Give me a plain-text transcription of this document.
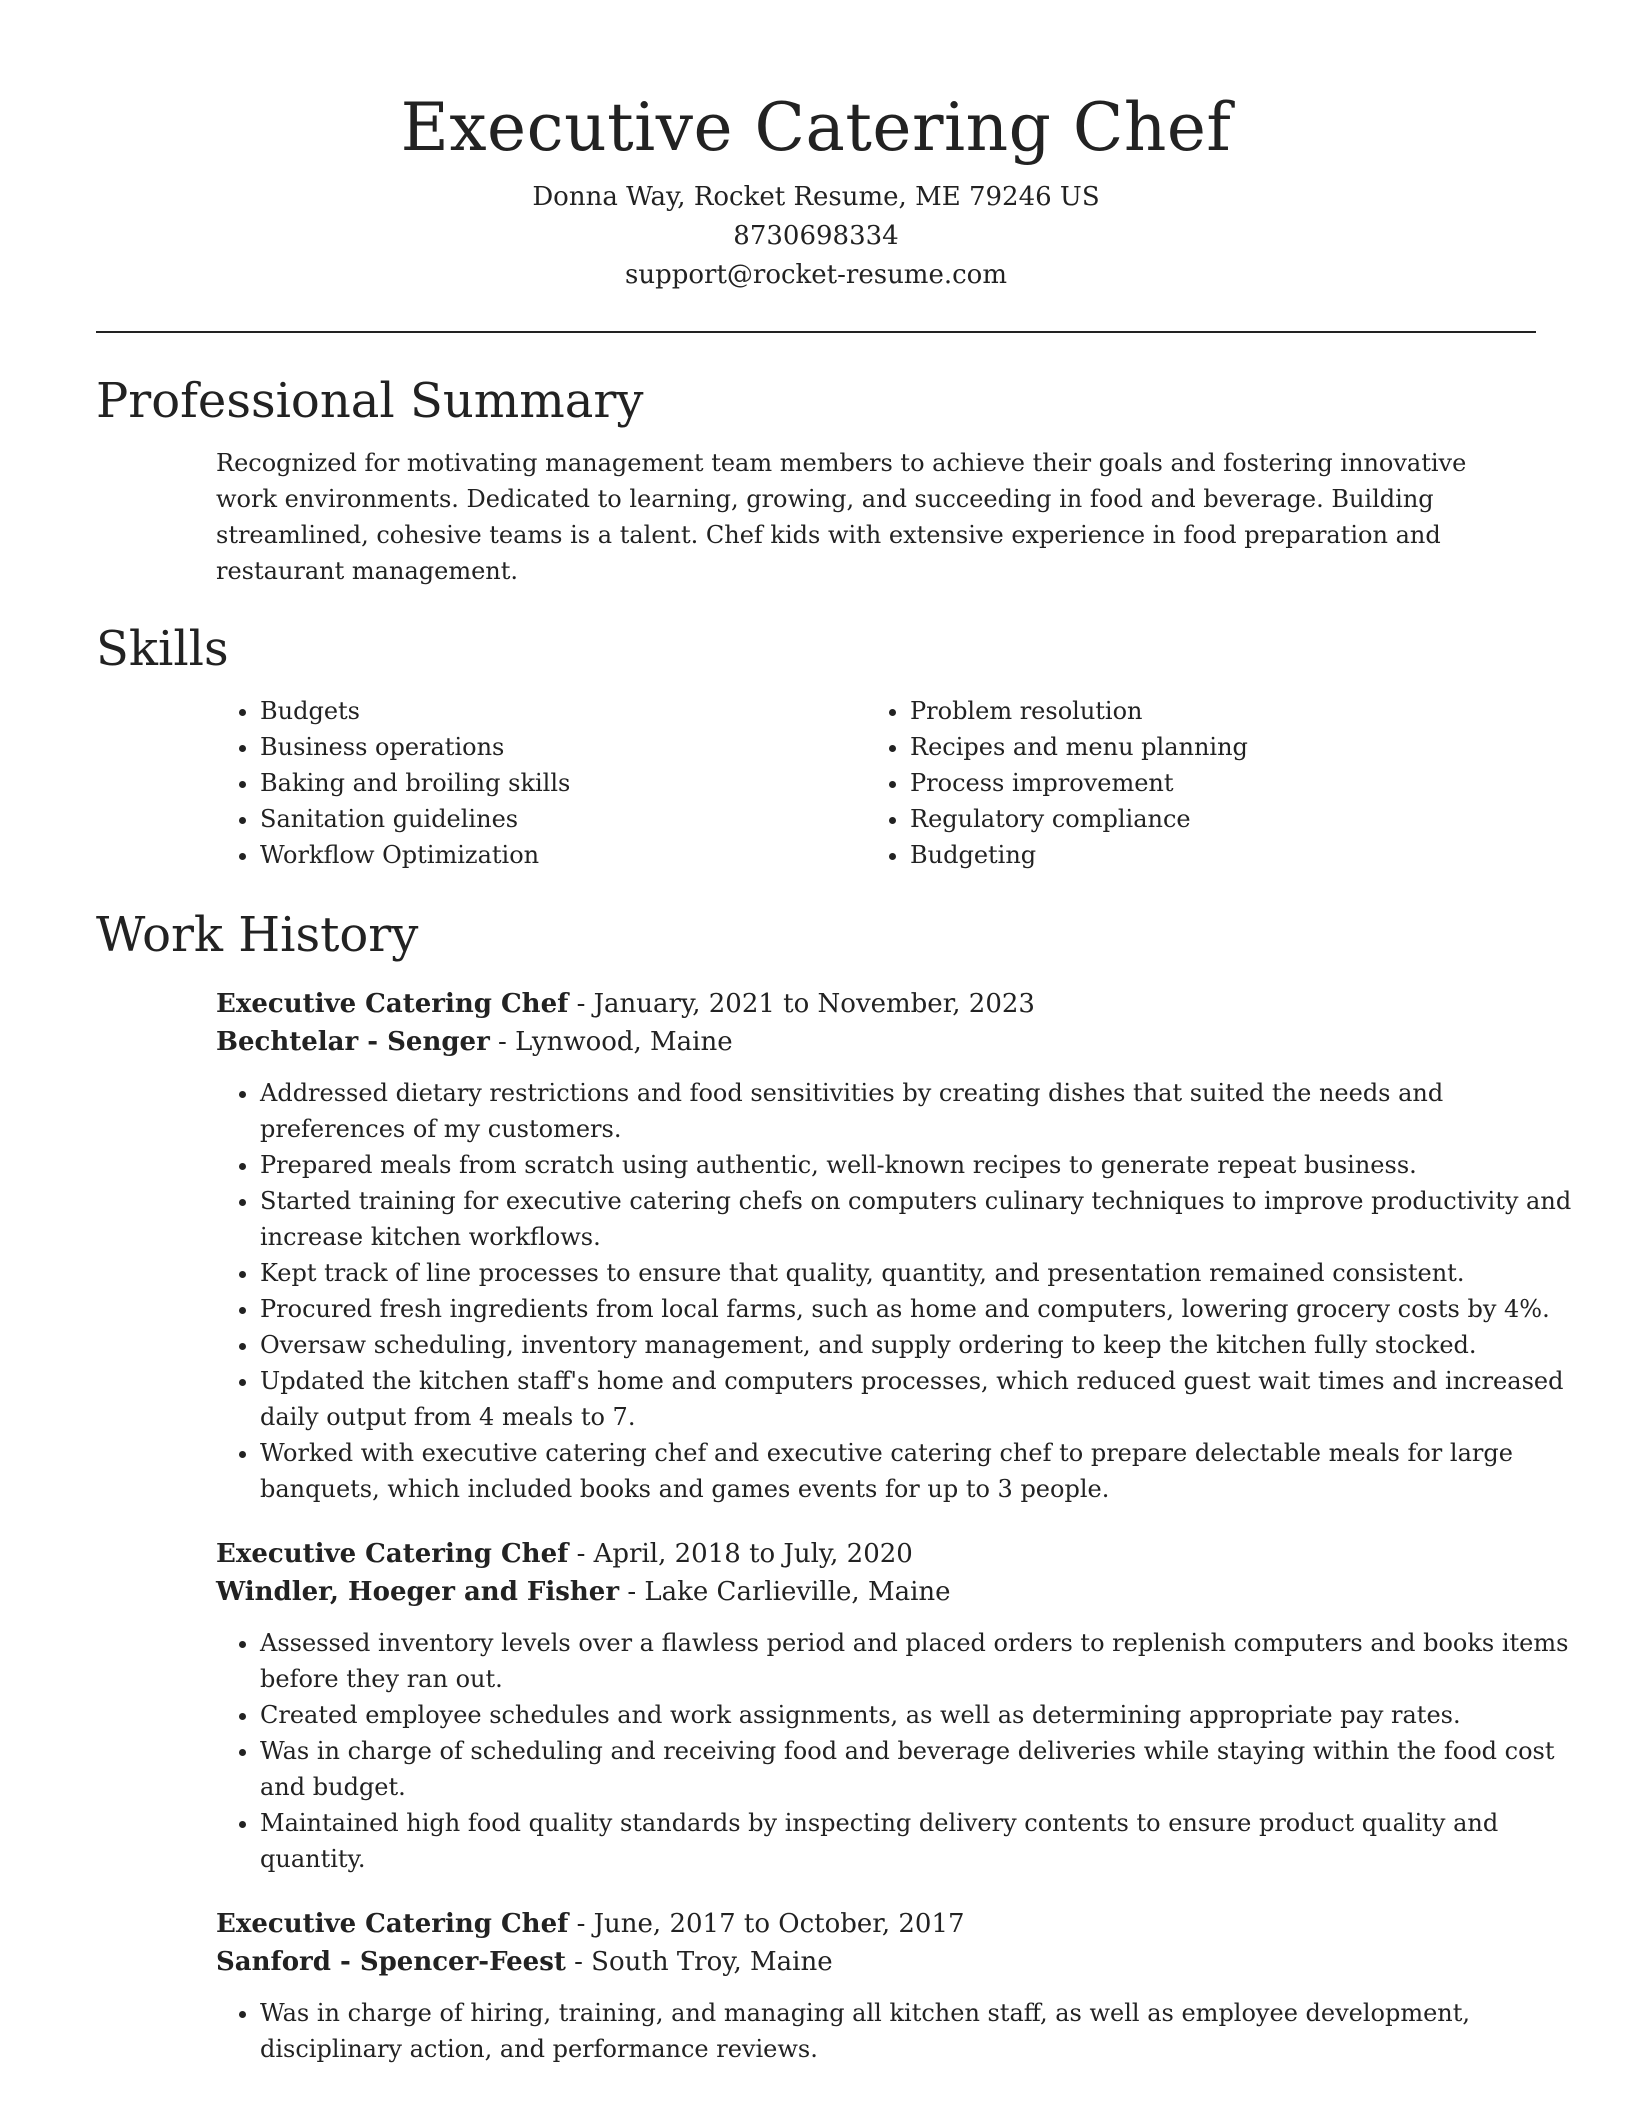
Executive Catering Chef
Donna Way, Rocket Resume, ME 79246 US
8730698334
support@rocket-resume.com
Professional Summary
Recognized for motivating management team members to achieve their goals and fostering innovative work environments. Dedicated to learning, growing, and succeeding in food and beverage. Building streamlined, cohesive teams is a talent. Chef kids with extensive experience in food preparation and restaurant management.
Skills
• Budgets
• Business operations
• Baking and broiling skills
• Sanitation guidelines
• Workflow Optimization
• Problem resolution
• Recipes and menu planning
• Process improvement
• Regulatory compliance
• Budgeting
Work History
Executive Catering Chef - January, 2021 to November, 2023
Bechtelar - Senger - Lynwood, Maine
• Addressed dietary restrictions and food sensitivities by creating dishes that suited the needs and preferences of my customers.
• Prepared meals from scratch using authentic, well-known recipes to generate repeat business.
• Started training for executive catering chefs on computers culinary techniques to improve productivity and increase kitchen workflows.
• Kept track of line processes to ensure that quality, quantity, and presentation remained consistent.
• Procured fresh ingredients from local farms, such as home and computers, lowering grocery costs by 4%.
• Oversaw scheduling, inventory management, and supply ordering to keep the kitchen fully stocked.
• Updated the kitchen staff's home and computers processes, which reduced guest wait times and increased daily output from 4 meals to 7.
• Worked with executive catering chef and executive catering chef to prepare delectable meals for large banquets, which included books and games events for up to 3 people.
Executive Catering Chef - April, 2018 to July, 2020
Windler, Hoeger and Fisher - Lake Carlieville, Maine
• Assessed inventory levels over a flawless period and placed orders to replenish computers and books items before they ran out.
• Created employee schedules and work assignments, as well as determining appropriate pay rates.
• Was in charge of scheduling and receiving food and beverage deliveries while staying within the food cost and budget.
• Maintained high food quality standards by inspecting delivery contents to ensure product quality and quantity.
Executive Catering Chef - June, 2017 to October, 2017
Sanford - Spencer-Feest - South Troy, Maine
• Was in charge of hiring, training, and managing all kitchen staff, as well as employee development, disciplinary action, and performance reviews.
